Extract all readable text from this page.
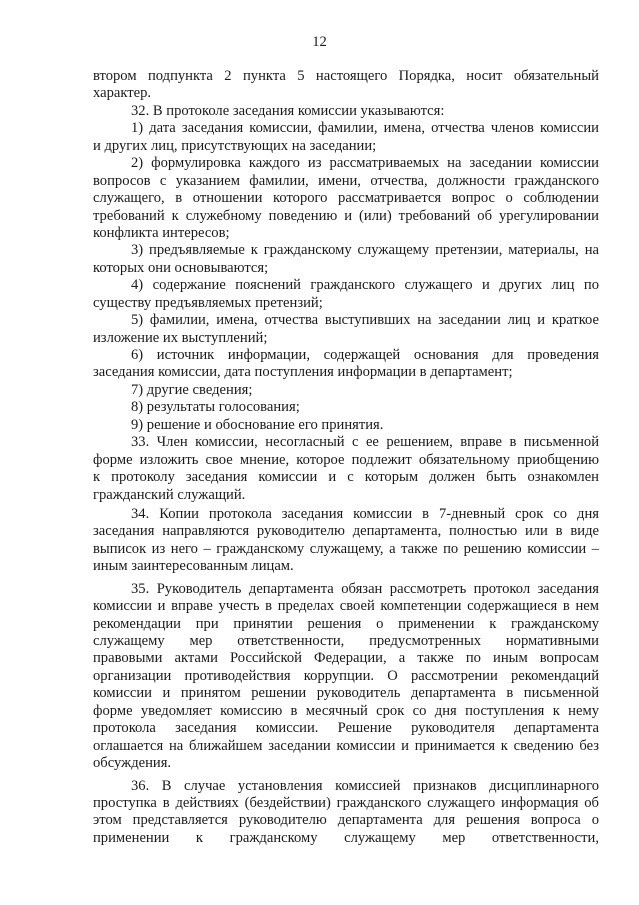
12
втором подпункта 2 пункта 5 настоящего Порядка, носит обязательный
характер.
32. В протоколе заседания комиссии указываются:
1) дата заседания комиссии, фамилии, имена, отчества членов комиссии
и других лиц, присутствующих на заседании;
2) формулировка каждого из рассматриваемых на заседании комиссии
вопросов с указанием фамилии, имени, отчества, должности гражданского
служащего, в отношении которого рассматривается вопрос о соблюдении
требований к служебному поведению и (или) требований об урегулировании
конфликта интересов;
3) предъявляемые к гражданскому служащему претензии, материалы, на
которых они основываются;
4) содержание пояснений гражданского служащего и других лиц по
существу предъявляемых претензий;
5) фамилии, имена, отчества выступивших на заседании лиц и краткое
изложение их выступлений;
6) источник информации, содержащей основания для проведения
заседания комиссии, дата поступления информации в департамент;
7) другие сведения;
8) результаты голосования;
9) решение и обоснование его принятия.
33. Член комиссии, несогласный с ее решением, вправе в письменной
форме изложить свое мнение, которое подлежит обязательному приобщению
к протоколу заседания комиссии и с которым должен быть ознакомлен
гражданский служащий.
34. Копии протокола заседания комиссии в 7-дневный срок со дня
заседания направляются руководителю департамента, полностью или в виде
выписок из него – гражданскому служащему, а также по решению комиссии –
иным заинтересованным лицам.
35. Руководитель департамента обязан рассмотреть протокол заседания
комиссии и вправе учесть в пределах своей компетенции содержащиеся в нем
рекомендации при принятии решения о применении к гражданскому
служащему мер ответственности, предусмотренных нормативными
правовыми актами Российской Федерации, а также по иным вопросам
организации противодействия коррупции. О рассмотрении рекомендаций
комиссии и принятом решении руководитель департамента в письменной
форме уведомляет комиссию в месячный срок со дня поступления к нему
протокола заседания комиссии. Решение руководителя департамента
оглашается на ближайшем заседании комиссии и принимается к сведению без
обсуждения.
36. В случае установления комиссией признаков дисциплинарного
проступка в действиях (бездействии) гражданского служащего информация об
этом представляется руководителю департамента для решения вопроса о
применении к гражданскому служащему мер ответственности,
